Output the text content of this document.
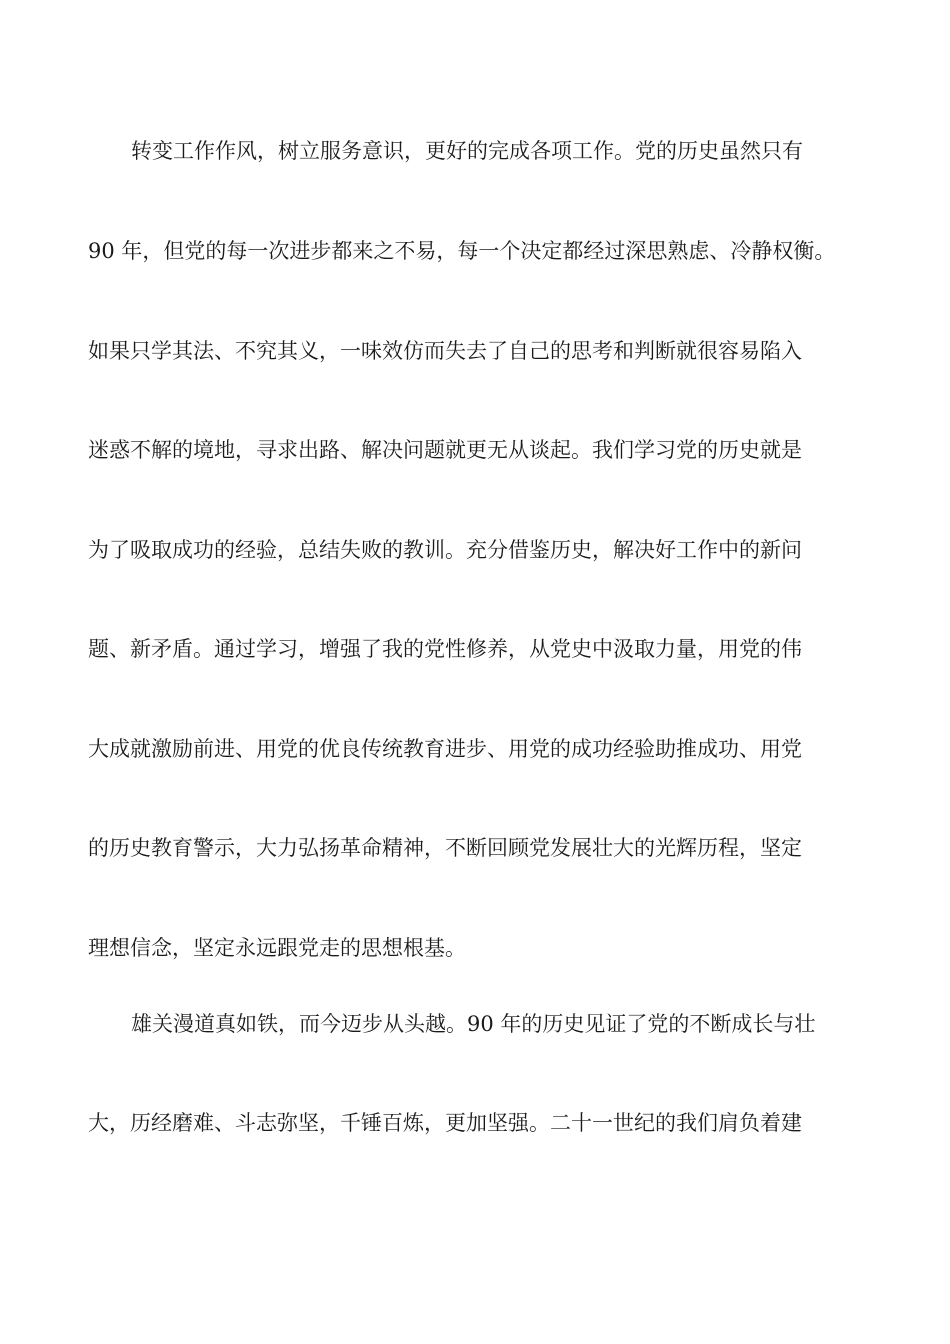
转变工作作风，树立服务意识，更好的完成各项工作。党的历史虽然只有
90 年，但党的每一次进步都来之不易，每一个决定都经过深思熟虑、冷静权衡。
如果只学其法、不究其义，一味效仿而失去了自己的思考和判断就很容易陷入
迷惑不解的境地，寻求出路、解决问题就更无从谈起。我们学习党的历史就是
为了吸取成功的经验，总结失败的教训。充分借鉴历史，解决好工作中的新问
题、新矛盾。通过学习，增强了我的党性修养，从党史中汲取力量，用党的伟
大成就激励前进、用党的优良传统教育进步、用党的成功经验助推成功、用党
的历史教育警示，大力弘扬革命精神，不断回顾党发展壮大的光辉历程，坚定
理想信念，坚定永远跟党走的思想根基。
雄关漫道真如铁，而今迈步从头越。90 年的历史见证了党的不断成长与壮
大，历经磨难、斗志弥坚，千锤百炼，更加坚强。二十一世纪的我们肩负着建
